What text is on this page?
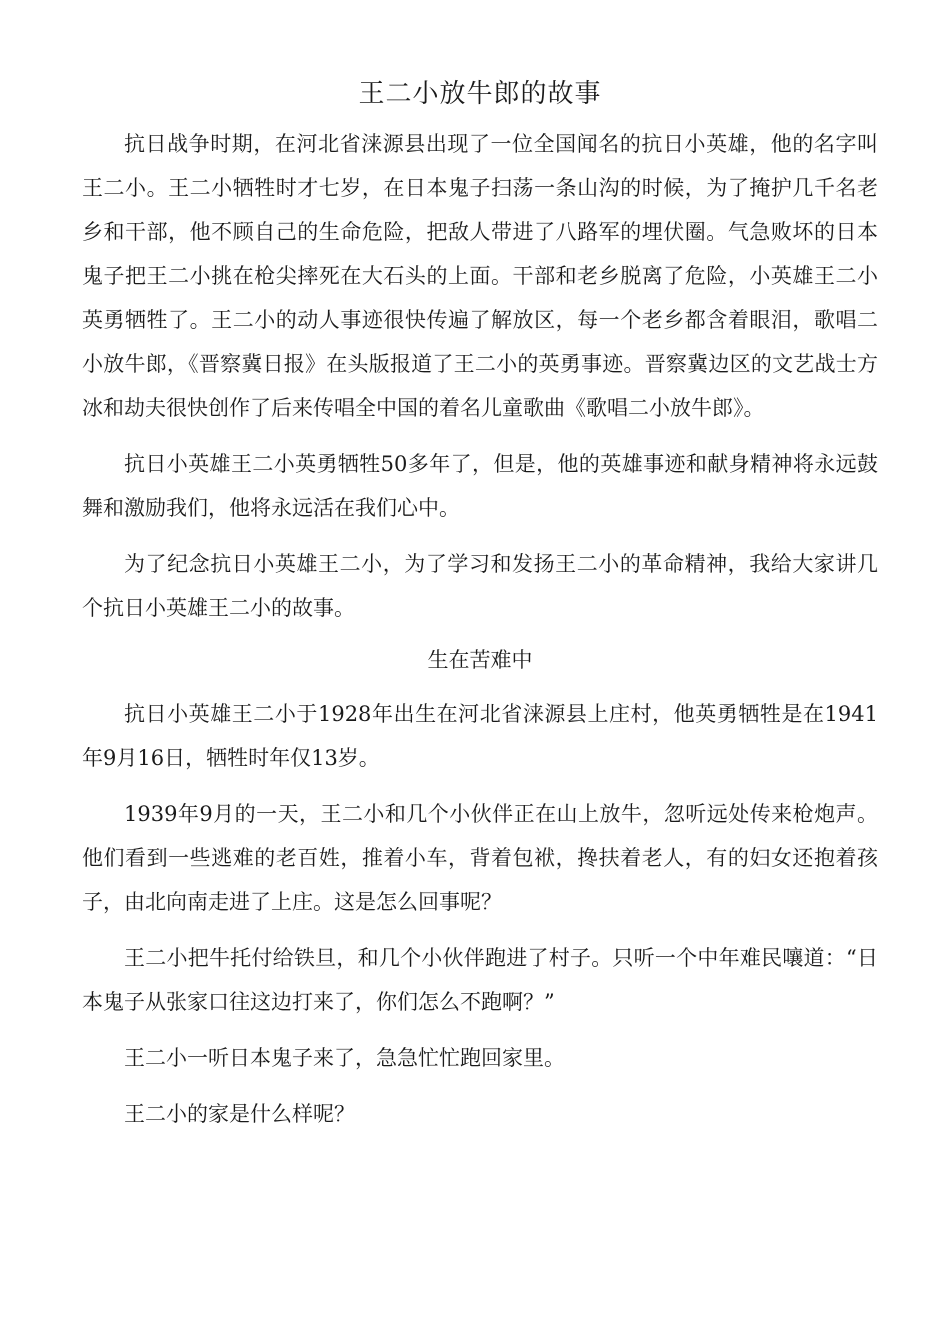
王二小放牛郎的故事

抗日战争时期，在河北省涞源县出现了一位全国闻名的抗日小英雄，他的名字叫王二小。王二小牺牲时才七岁，在日本鬼子扫荡一条山沟的时候，为了掩护几千名老乡和干部，他不顾自己的生命危险，把敌人带进了八路军的埋伏圈。气急败坏的日本鬼子把王二小挑在枪尖摔死在大石头的上面。干部和老乡脱离了危险，小英雄王二小英勇牺牲了。王二小的动人事迹很快传遍了解放区，每一个老乡都含着眼泪，歌唱二小放牛郎，《晋察冀日报》在头版报道了王二小的英勇事迹。晋察冀边区的文艺战士方冰和劫夫很快创作了后来传唱全中国的着名儿童歌曲《歌唱二小放牛郎》。

抗日小英雄王二小英勇牺牲50多年了，但是，他的英雄事迹和献身精神将永远鼓舞和激励我们，他将永远活在我们心中。

为了纪念抗日小英雄王二小，为了学习和发扬王二小的革命精神，我给大家讲几个抗日小英雄王二小的故事。

生在苦难中

抗日小英雄王二小于1928年出生在河北省涞源县上庄村，他英勇牺牲是在1941年9月16日，牺牲时年仅13岁。

1939年9月的一天，王二小和几个小伙伴正在山上放牛，忽听远处传来枪炮声。他们看到一些逃难的老百姓，推着小车，背着包袱，搀扶着老人，有的妇女还抱着孩子，由北向南走进了上庄。这是怎么回事呢？

王二小把牛托付给铁旦，和几个小伙伴跑进了村子。只听一个中年难民嚷道：“日本鬼子从张家口往这边打来了，你们怎么不跑啊？”

王二小一听日本鬼子来了，急急忙忙跑回家里。

王二小的家是什么样呢？
